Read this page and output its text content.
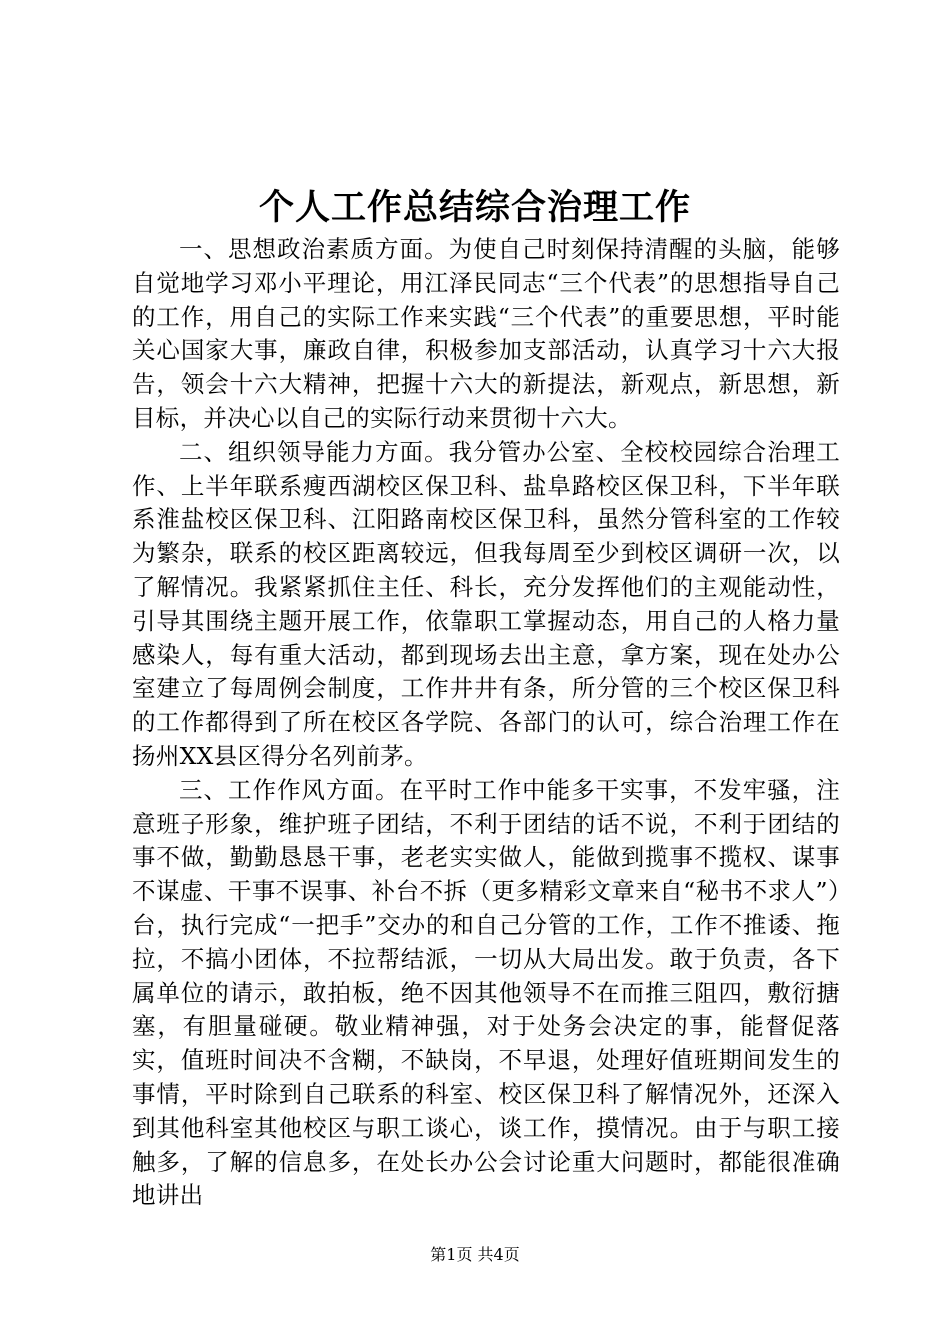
个人工作总结综合治理工作

一、思想政治素质方面。为使自己时刻保持清醒的头脑，能够自觉地学习邓小平理论，用江泽民同志“三个代表”的思想指导自己的工作，用自己的实际工作来实践“三个代表”的重要思想，平时能关心国家大事，廉政自律，积极参加支部活动，认真学习十六大报告，领会十六大精神，把握十六大的新提法，新观点，新思想，新目标，并决心以自己的实际行动来贯彻十六大。

二、组织领导能力方面。我分管办公室、全校校园综合治理工作、上半年联系瘦西湖校区保卫科、盐阜路校区保卫科，下半年联系淮盐校区保卫科、江阳路南校区保卫科，虽然分管科室的工作较为繁杂，联系的校区距离较远，但我每周至少到校区调研一次，以了解情况。我紧紧抓住主任、科长，充分发挥他们的主观能动性，引导其围绕主题开展工作，依靠职工掌握动态，用自己的人格力量感染人，每有重大活动，都到现场去出主意，拿方案，现在处办公室建立了每周例会制度，工作井井有条，所分管的三个校区保卫科的工作都得到了所在校区各学院、各部门的认可，综合治理工作在扬州XX县区得分名列前茅。

三、工作作风方面。在平时工作中能多干实事，不发牢骚，注意班子形象，维护班子团结，不利于团结的话不说，不利于团结的事不做，勤勤恳恳干事，老老实实做人，能做到揽事不揽权、谋事不谋虚、干事不误事、补台不拆（更多精彩文章来自“秘书不求人”）台，执行完成“一把手”交办的和自己分管的工作，工作不推诿、拖拉，不搞小团体，不拉帮结派，一切从大局出发。敢于负责，各下属单位的请示，敢拍板，绝不因其他领导不在而推三阻四，敷衍搪塞，有胆量碰硬。敬业精神强，对于处务会决定的事，能督促落实，值班时间决不含糊，不缺岗，不早退，处理好值班期间发生的事情，平时除到自己联系的科室、校区保卫科了解情况外，还深入到其他科室其他校区与职工谈心，谈工作，摸情况。由于与职工接触多，了解的信息多，在处长办公会讨论重大问题时，都能很准确地讲出

第1页 共4页
